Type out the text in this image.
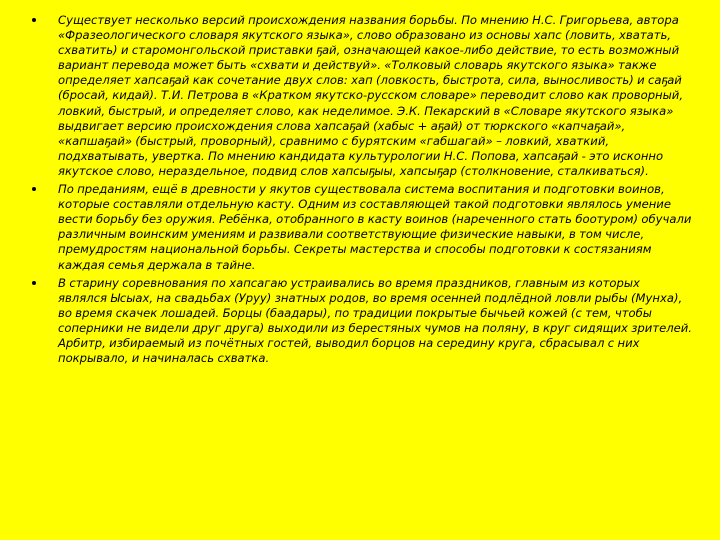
Существует несколько версий происхождения названия борьбы. По мнению Н.С. Григорьева, автора «Фразеологического словаря якутского языка», слово образовано из основы хапс (ловить, хватать, схватить) и старомонгольской приставки ҕай, означающей какое-либо действие, то есть возможный вариант перевода может быть «схвати и действуй». «Толковый словарь якутского языка» также определяет хапсаҕай как сочетание двух слов: хап (ловкость, быстрота, сила, выносливость) и саҕай (бросай, кидай). Т.И. Петрова в «Кратком якутско-русском словаре» переводит слово как проворный, ловкий, быстрый, и определяет слово, как неделимое. Э.К. Пекарский в «Словаре якутского языка» выдвигает версию происхождения слова хапсаҕай (хабыс + аҕай) от тюркского «капчаҕай», «капшаҕай» (быстрый, проворный), сравнимо с бурятским «габшагай» – ловкий, хваткий, подхватывать, увертка. По мнению кандидата культурологии Н.С. Попова, хапсаҕай - это исконно якутское слово, нераздельное, подвид слов хапсыҕыы, хапсыҕар (столкновение, сталкиваться).
По преданиям, ещё в древности у якутов существовала система воспитания и подготовки воинов, которые составляли отдельную касту. Одним из составляющей такой подготовки являлось умение вести борьбу без оружия. Ребёнка, отобранного в касту воинов (нареченного стать боотуром) обучали различным воинским умениям и развивали соответствующие физические навыки, в том числе, премудростям национальной борьбы. Секреты мастерства и способы подготовки к состязаниям каждая семья держала в тайне.
В старину соревнования по хапсагаю устраивались во время праздников, главным из которых являлся Ысыах, на свадьбах (Уруу) знатных родов, во время осенней подлёдной ловли рыбы (Мунха), во время скачек лошадей. Борцы (баадары), по традиции покрытые бычьей кожей (с тем, чтобы соперники не видели друг друга) выходили из берестяных чумов на поляну, в круг сидящих зрителей. Арбитр, избираемый из почётных гостей, выводил борцов на середину круга, сбрасывал с них покрывало, и начиналась схватка.
